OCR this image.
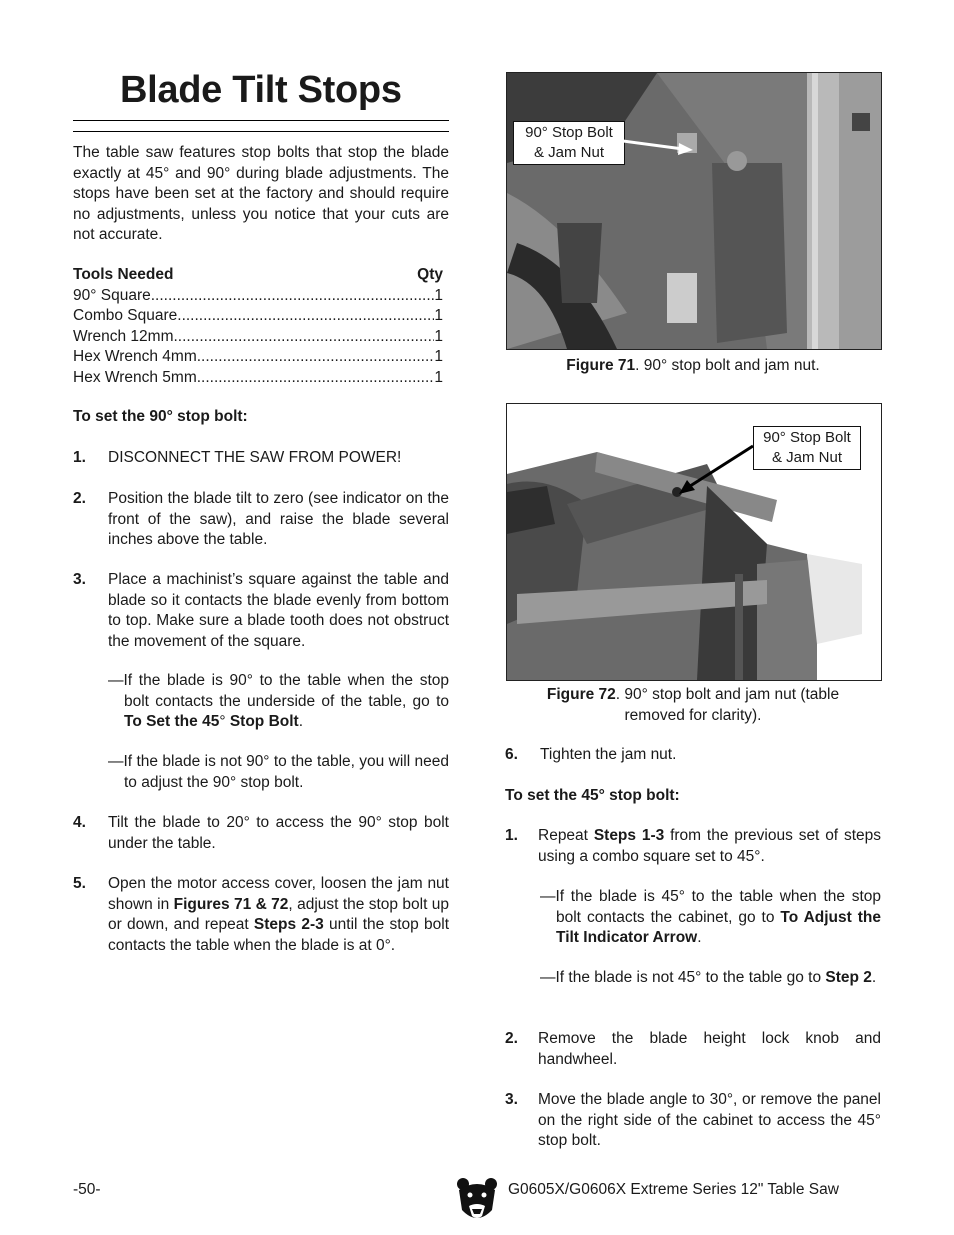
Blade Tilt Stops
The table saw features stop bolts that stop the blade exactly at 45° and 90° during blade adjustments. The stops have been set at the factory and should require no adjustments, unless you notice that your cuts are not accurate.
Tools Needed	Qty
90° Square .....	1
Combo Square .....	1
Wrench 12mm .....	1
Hex Wrench 4mm .....	1
Hex Wrench 5mm .....	1
To set the 90° stop bolt:
1. DISCONNECT THE SAW FROM POWER!
2. Position the blade tilt to zero (see indicator on the front of the saw), and raise the blade several inches above the table.
3. Place a machinist’s square against the table and blade so it contacts the blade evenly from bottom to top. Make sure a blade tooth does not obstruct the movement of the square.
—If the blade is 90° to the table when the stop bolt contacts the underside of the table, go to To Set the 45° Stop Bolt.
—If the blade is not 90° to the table, you will need to adjust the 90° stop bolt.
4. Tilt the blade to 20° to access the 90° stop bolt under the table.
5. Open the motor access cover, loosen the jam nut shown in Figures 71 & 72, adjust the stop bolt up or down, and repeat Steps 2-3 until the stop bolt contacts the table when the blade is at 0°.
90° Stop Bolt
& Jam Nut
Figure 71. 90° stop bolt and jam nut.
90° Stop Bolt
& Jam Nut
Figure 72. 90° stop bolt and jam nut (table
removed for clarity).
6. Tighten the jam nut.
To set the 45° stop bolt:
1. Repeat Steps 1-3 from the previous set of steps using a combo square set to 45°.
—If the blade is 45° to the table when the stop bolt contacts the cabinet, go to To Adjust the Tilt Indicator Arrow.
—If the blade is not 45° to the table go to Step 2.
2. Remove the blade height lock knob and handwheel.
3. Move the blade angle to 30°, or remove the panel on the right side of the cabinet to access the 45° stop bolt.
-50-	G0605X/G0606X Extreme Series 12" Table Saw
